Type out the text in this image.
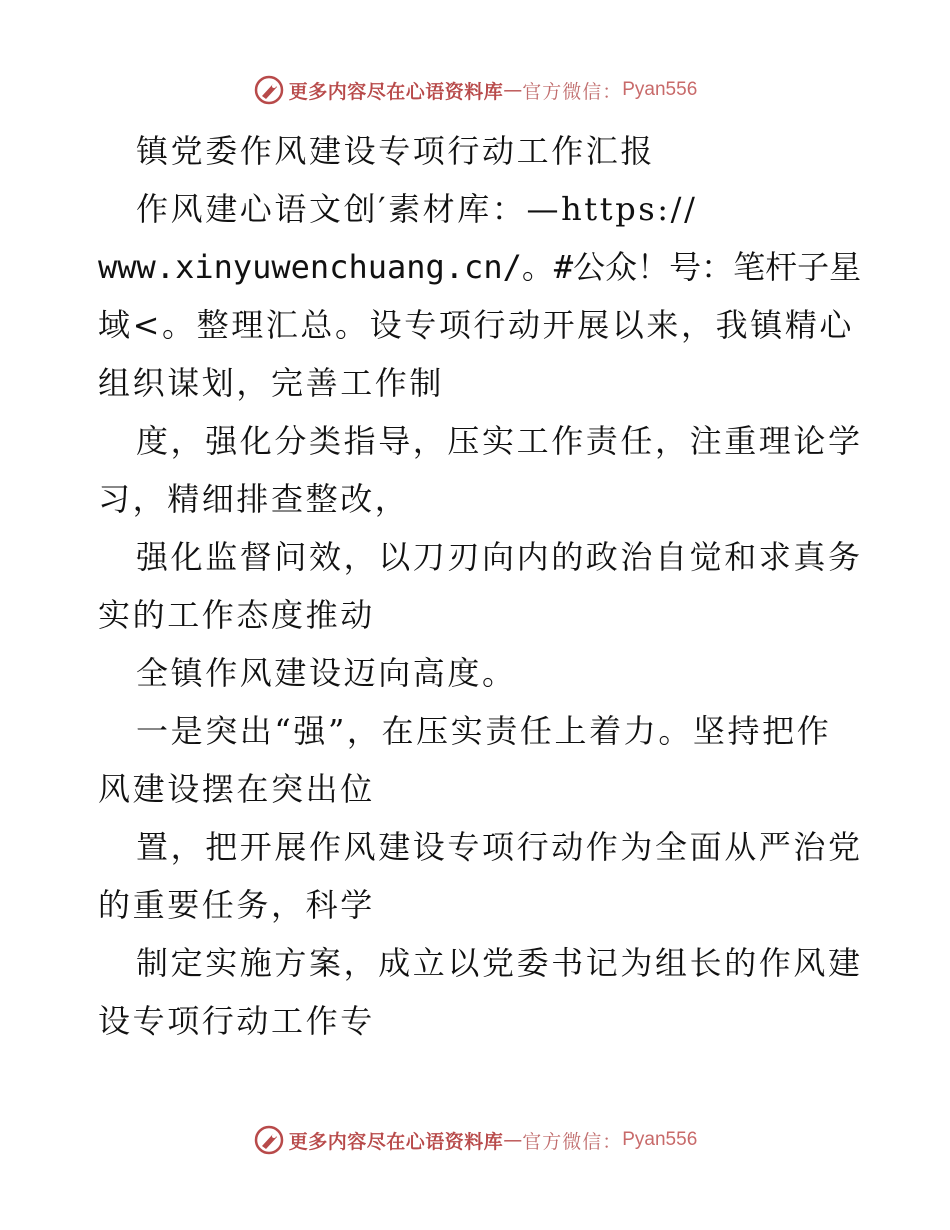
更多内容尽在心语资料库 — 官方微信： Pyan556
镇党委作风建设专项行动工作汇报
作风建心语文创′素材库：—https://
www.xinyuwenchuang.cn/。#公众！号：笔杆子星
域<。整理汇总。设专项行动开展以来，我镇精心
组织谋划，完善工作制
度，强化分类指导，压实工作责任，注重理论学
习，精细排查整改，
强化监督问效，以刀刃向内的政治自觉和求真务
实的工作态度推动
全镇作风建设迈向高度。
一是突出“强”，在压实责任上着力。坚持把作
风建设摆在突出位
置，把开展作风建设专项行动作为全面从严治党
的重要任务，科学
制定实施方案，成立以党委书记为组长的作风建
设专项行动工作专
更多内容尽在心语资料库 — 官方微信： Pyan556
